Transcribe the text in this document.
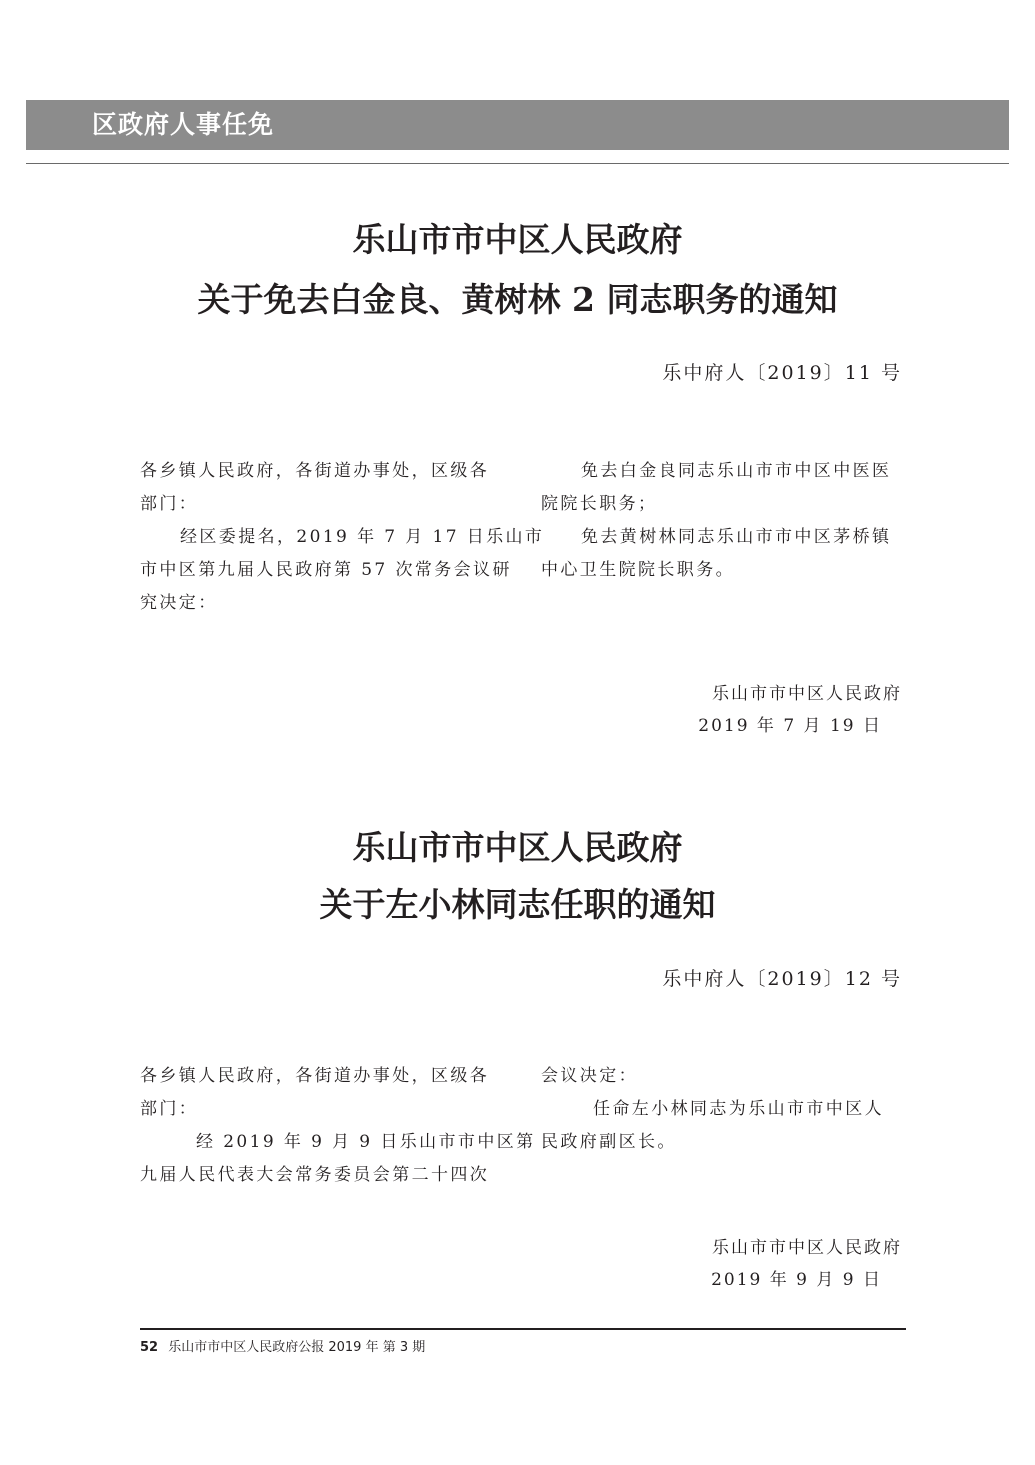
区政府人事任免
乐山市市中区人民政府
关于免去白金良、黄树林 2 同志职务的通知
乐中府人〔2019〕11 号

各乡镇人民政府，各街道办事处，区级各

部门：

经区委提名，2019 年 7 月 17 日乐山市

市中区第九届人民政府第 57 次常务会议研

究决定：

免去白金良同志乐山市市中区中医医

院院长职务；

免去黄树林同志乐山市市中区茅桥镇

中心卫生院院长职务。

乐山市市中区人民政府
2019 年 7 月 19 日
乐山市市中区人民政府
关于左小林同志任职的通知
乐中府人〔2019〕12 号

各乡镇人民政府，各街道办事处，区级各

部门：

经 2019 年 9 月 9 日乐山市市中区第

九届人民代表大会常务委员会第二十四次

会议决定：

任命左小林同志为乐山市市中区人

民政府副区长。

乐山市市中区人民政府
2019 年 9 月 9 日
52 乐山市市中区人民政府公报 2019 年 第 3 期
